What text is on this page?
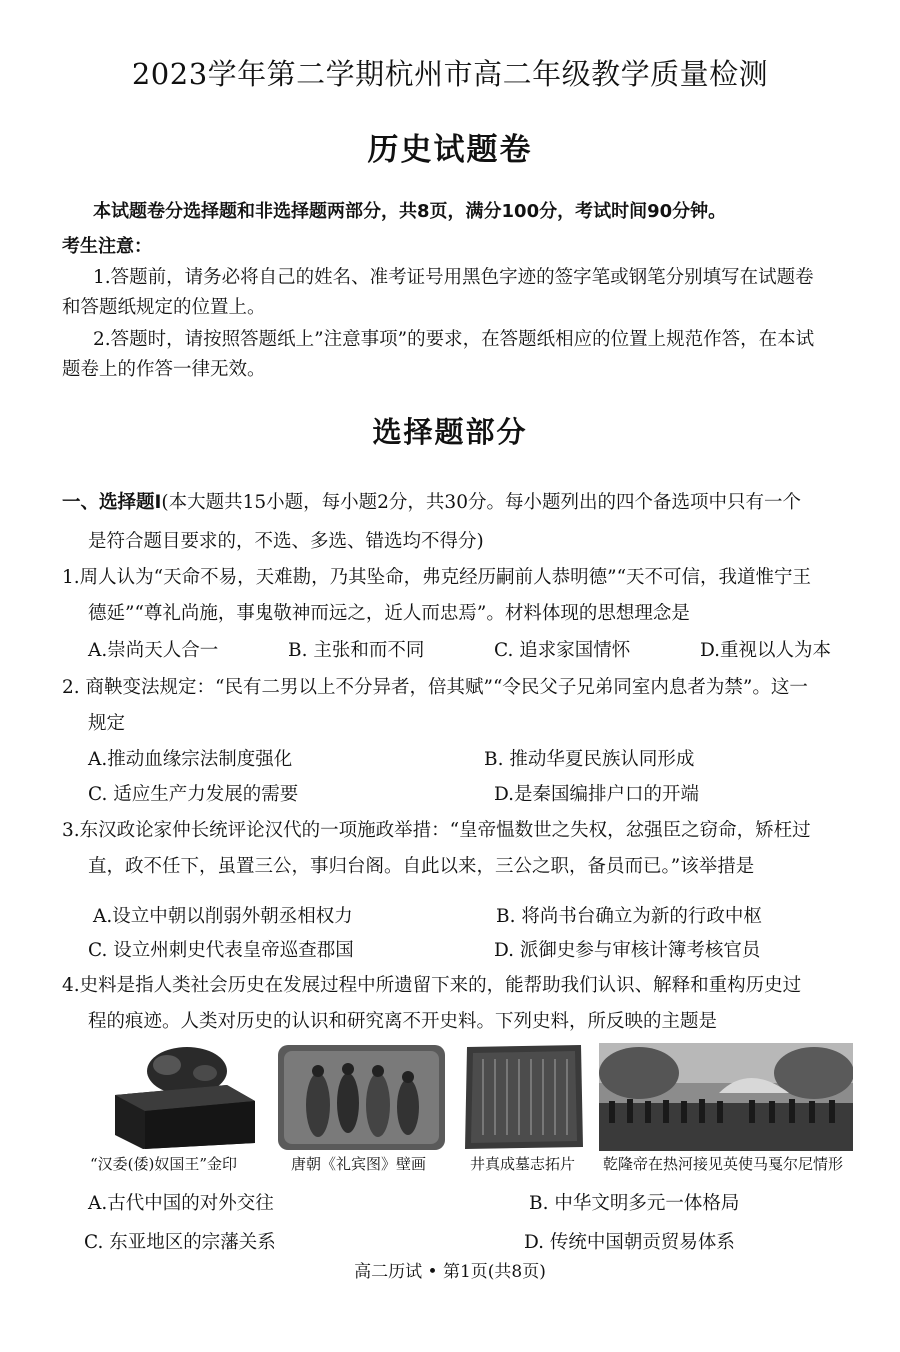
2023学年第二学期杭州市高二年级教学质量检测
历史试题卷
本试题卷分选择题和非选择题两部分，共8页，满分100分，考试时间90分钟。
考生注意：
1.答题前，请务必将自己的姓名、准考证号用黑色字迹的签字笔或钢笔分别填写在试题卷
和答题纸规定的位置上。
2.答题时，请按照答题纸上”注意事项”的要求，在答题纸相应的位置上规范作答，在本试
题卷上的作答一律无效。
选择题部分
一、选择题Ⅰ(本大题共15小题，每小题2分，共30分。每小题列出的四个备选项中只有一个
是符合题目要求的，不选、多选、错选均不得分)
1.周人认为“天命不易，天难勘，乃其坠命，弗克经历嗣前人恭明德”“天不可信，我道惟宁王
德延”“尊礼尚施，事鬼敬神而远之，近人而忠焉”。材料体现的思想理念是
A.崇尚天人合一	B. 主张和而不同	C. 追求家国情怀	D.重视以人为本
2. 商鞅变法规定：“民有二男以上不分异者，倍其赋”“令民父子兄弟同室内息者为禁”。这一
规定
A.推动血缘宗法制度强化	B. 推动华夏民族认同形成
C. 适应生产力发展的需要	D.是秦国编排户口的开端
3.东汉政论家仲长统评论汉代的一项施政举措：“皇帝愠数世之失权，忿强臣之窃命，矫枉过
直，政不任下，虽置三公，事归台阁。自此以来，三公之职，备员而已。”该举措是
A.设立中朝以削弱外朝丞相权力	B. 将尚书台确立为新的行政中枢
C. 设立州刺史代表皇帝巡查郡国	D. 派御史参与审核计簿考核官员
4.史料是指人类社会历史在发展过程中所遗留下来的，能帮助我们认识、解释和重构历史过
程的痕迹。人类对历史的认识和研究离不开史料。下列史料，所反映的主题是
“汉委(倭)奴国王”金印	唐朝《礼宾图》壁画	井真成墓志拓片 乾隆帝在热河接见英使马戛尔尼情形
A.古代中国的对外交往	B. 中华文明多元一体格局
C. 东亚地区的宗藩关系	D. 传统中国朝贡贸易体系
高二历试 • 第1页(共8页)
